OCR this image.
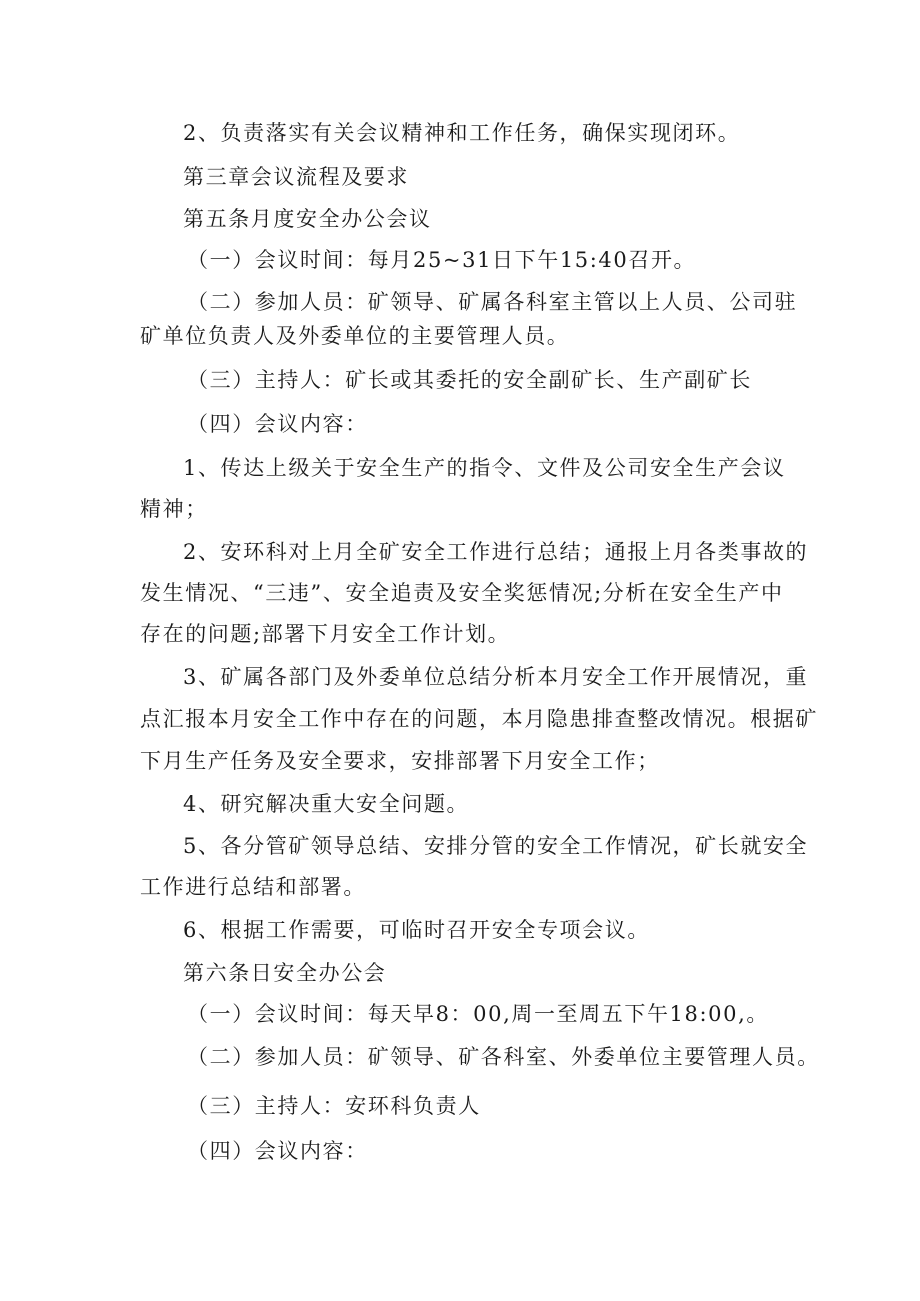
2、负责落实有关会议精神和工作任务，确保实现闭环。
第三章会议流程及要求
第五条月度安全办公会议
（一）会议时间：每月25~31日下午15:40召开。
（二）参加人员：矿领导、矿属各科室主管以上人员、公司驻
矿单位负责人及外委单位的主要管理人员。
（三）主持人：矿长或其委托的安全副矿长、生产副矿长
（四）会议内容：
1、传达上级关于安全生产的指令、文件及公司安全生产会议
精神；
2、安环科对上月全矿安全工作进行总结；通报上月各类事故的
发生情况、“三违”、安全追责及安全奖惩情况;分析在安全生产中
存在的问题;部署下月安全工作计划。
3、矿属各部门及外委单位总结分析本月安全工作开展情况，重
点汇报本月安全工作中存在的问题，本月隐患排查整改情况。根据矿
下月生产任务及安全要求，安排部署下月安全工作；
4、研究解决重大安全问题。
5、各分管矿领导总结、安排分管的安全工作情况，矿长就安全
工作进行总结和部署。
6、根据工作需要，可临时召开安全专项会议。
第六条日安全办公会
（一）会议时间：每天早8：00,周一至周五下午18:00,。
（二）参加人员：矿领导、矿各科室、外委单位主要管理人员。
（三）主持人：安环科负责人
（四）会议内容：
